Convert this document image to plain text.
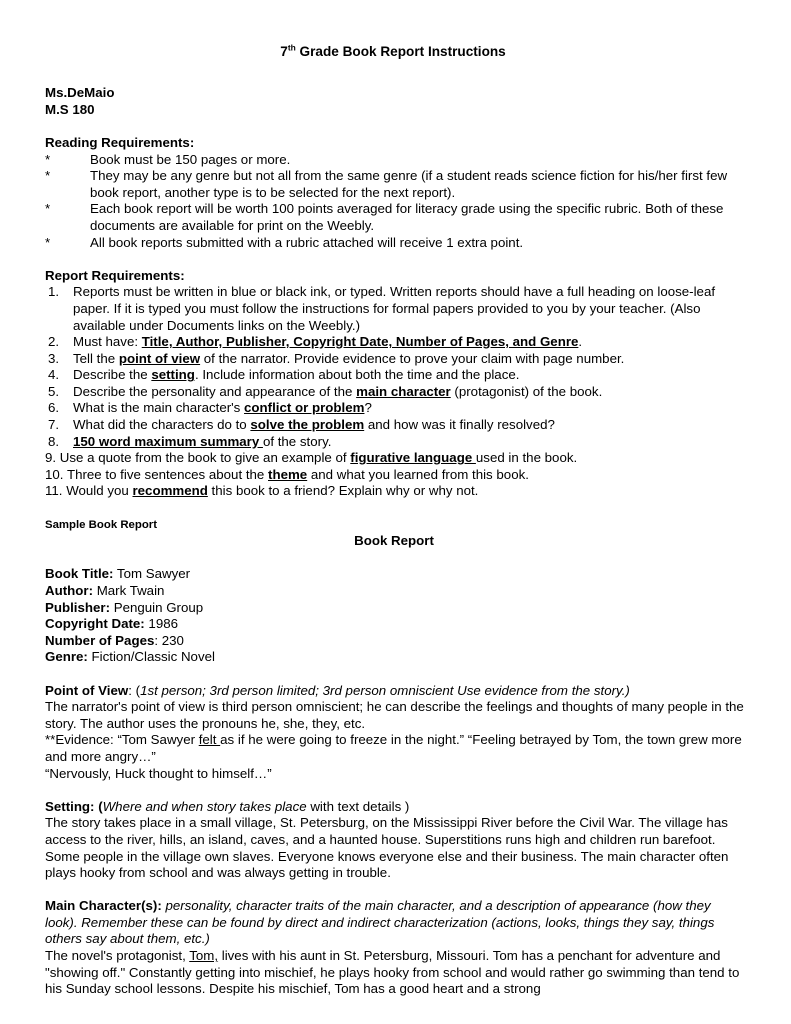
7th Grade Book Report Instructions
Ms.DeMaio
M.S 180
Reading Requirements:
*	Book must be 150 pages or more.
*	They may be any genre but not all from the same genre (if a student reads science fiction for his/her first few book report, another type is to be selected for the next report).
*	Each book report will be worth 100 points averaged for literacy grade using the specific rubric. Both of these documents are available for print on the Weebly.
*	All book reports submitted with a rubric attached will receive 1 extra point.
Report Requirements:
1.	Reports must be written in blue or black ink, or typed. Written reports should have a full heading on loose-leaf paper. If it is typed you must follow the instructions for formal papers provided to you by your teacher. (Also available under Documents links on the Weebly.)
2.	Must have: Title, Author, Publisher, Copyright Date, Number of Pages, and Genre.
3.	Tell the point of view of the narrator. Provide evidence to prove your claim with page number.
4.	Describe the setting. Include information about both the time and the place.
5.	Describe the personality and appearance of the main character (protagonist) of the book.
6.	What is the main character's conflict or problem?
7.	What did the characters do to solve the problem and how was it finally resolved?
8.	150 word maximum summary of the story.
9. Use a quote from the book to give an example of figurative language used in the book.
10. Three to five sentences about the theme and what you learned from this book.
11. Would you recommend this book to a friend? Explain why or why not.
Sample Book Report
Book Report
Book Title: Tom Sawyer
Author: Mark Twain
Publisher: Penguin Group
Copyright Date: 1986
Number of Pages: 230
Genre: Fiction/Classic Novel
Point of View: (1st person; 3rd person limited; 3rd person omniscient Use evidence from the story.)
The narrator's point of view is third person omniscient; he can describe the feelings and thoughts of many people in the story. The author uses the pronouns he, she, they, etc.
**Evidence: “Tom Sawyer felt as if he were going to freeze in the night.” “Feeling betrayed by Tom, the town grew more and more angry…”
“Nervously, Huck thought to himself…”
Setting: (Where and when story takes place with text details )
The story takes place in a small village, St. Petersburg, on the Mississippi River before the Civil War. The village has access to the river, hills, an island, caves, and a haunted house. Superstitions runs high and children run barefoot. Some people in the village own slaves. Everyone knows everyone else and their business. The main character often plays hooky from school and was always getting in trouble.
Main Character(s): personality, character traits of the main character, and a description of appearance (how they look). Remember these can be found by direct and indirect characterization (actions, looks, things they say, things others say about them, etc.)
The novel's protagonist, Tom, lives with his aunt in St. Petersburg, Missouri. Tom has a penchant for adventure and "showing off." Constantly getting into mischief, he plays hooky from school and would rather go swimming than tend to his Sunday school lessons. Despite his mischief, Tom has a good heart and a strong
